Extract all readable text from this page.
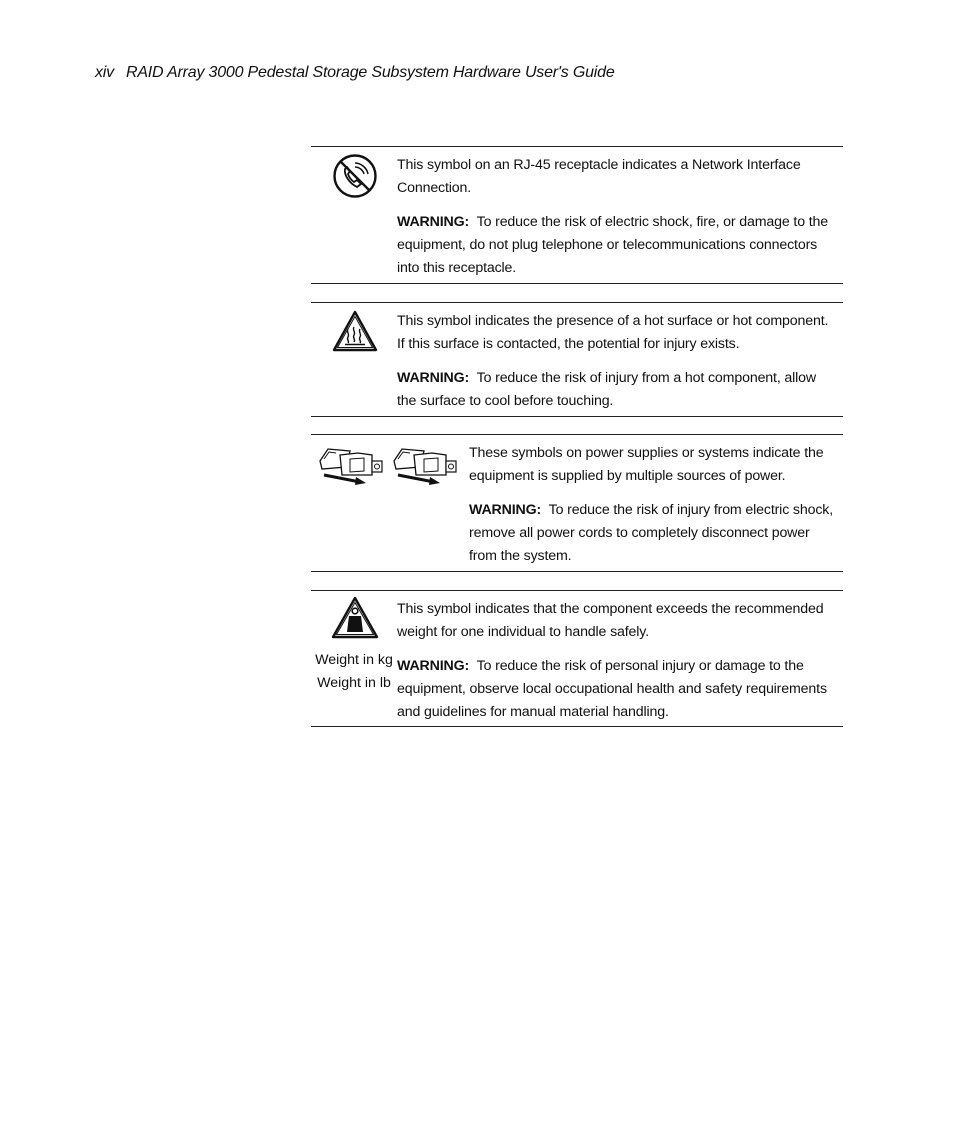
xiv RAID Array 3000 Pedestal Storage Subsystem Hardware User's Guide

This symbol on an RJ-45 receptacle indicates a Network Interface Connection.

WARNING: To reduce the risk of electric shock, fire, or damage to the equipment, do not plug telephone or telecommunications connectors into this receptacle.

This symbol indicates the presence of a hot surface or hot component. If this surface is contacted, the potential for injury exists.

WARNING: To reduce the risk of injury from a hot component, allow the surface to cool before touching.

These symbols on power supplies or systems indicate the equipment is supplied by multiple sources of power.

WARNING: To reduce the risk of injury from electric shock, remove all power cords to completely disconnect power from the system.

Weight in kg
Weight in lb

This symbol indicates that the component exceeds the recommended weight for one individual to handle safely.

WARNING: To reduce the risk of personal injury or damage to the equipment, observe local occupational health and safety requirements and guidelines for manual material handling.
